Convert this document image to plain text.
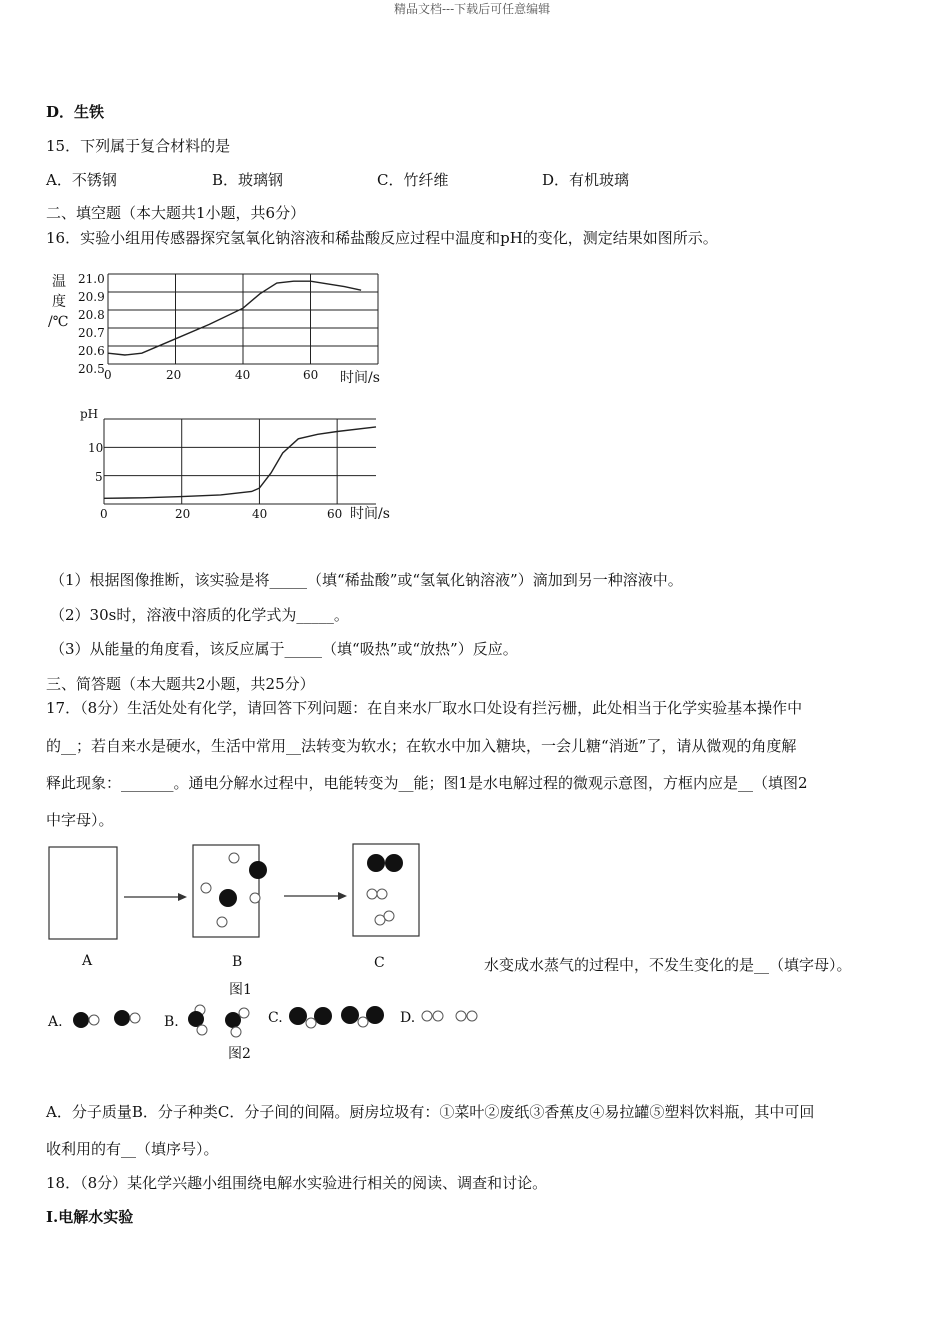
精品文档---下载后可任意编辑
D．生铁
15．下列属于复合材料的是
A．不锈钢	B．玻璃钢	C．竹纤维	D．有机玻璃
二、填空题（本大题共1小题，共6分）
16．实验小组用传感器探究氢氧化钠溶液和稀盐酸反应过程中温度和pH的变化，测定结果如图所示。
温
度
/℃
20.5
20.6
20.7
20.8
20.9
21.0
0	20	40	60 时间/s
pH
10
5
0	20	40	60 时间/s
（1）根据图像推断，该实验是将_____（填“稀盐酸”或“氢氧化钠溶液”）滴加到另一种溶液中。
（2）30s时，溶液中溶质的化学式为_____。
（3）从能量的角度看，该反应属于_____（填“吸热”或“放热”）反应。
三、简答题（本大题共2小题，共25分）
17．（8分）生活处处有化学，请回答下列问题：在自来水厂取水口处设有拦污栅，此处相当于化学实验基本操作中
的__；若自来水是硬水，生活中常用__法转变为软水；在软水中加入糖块，一会儿糖“消逝”了，请从微观的角度解
释此现象：_______。通电分解水过程中，电能转变为__能；图1是水电解过程的微观示意图，方框内应是__（填图2
中字母）。
A	B	C
图1
水变成水蒸气的过程中，不发生变化的是__（填字母）。
A.	B.	C.	D.
图2
A．分子质量B．分子种类C．分子间的间隔。厨房垃圾有：①菜叶②废纸③香蕉皮④易拉罐⑤塑料饮料瓶，其中可回
收利用的有__（填序号）。
18．（8分）某化学兴趣小组围绕电解水实验进行相关的阅读、调查和讨论。
I.电解水实验
